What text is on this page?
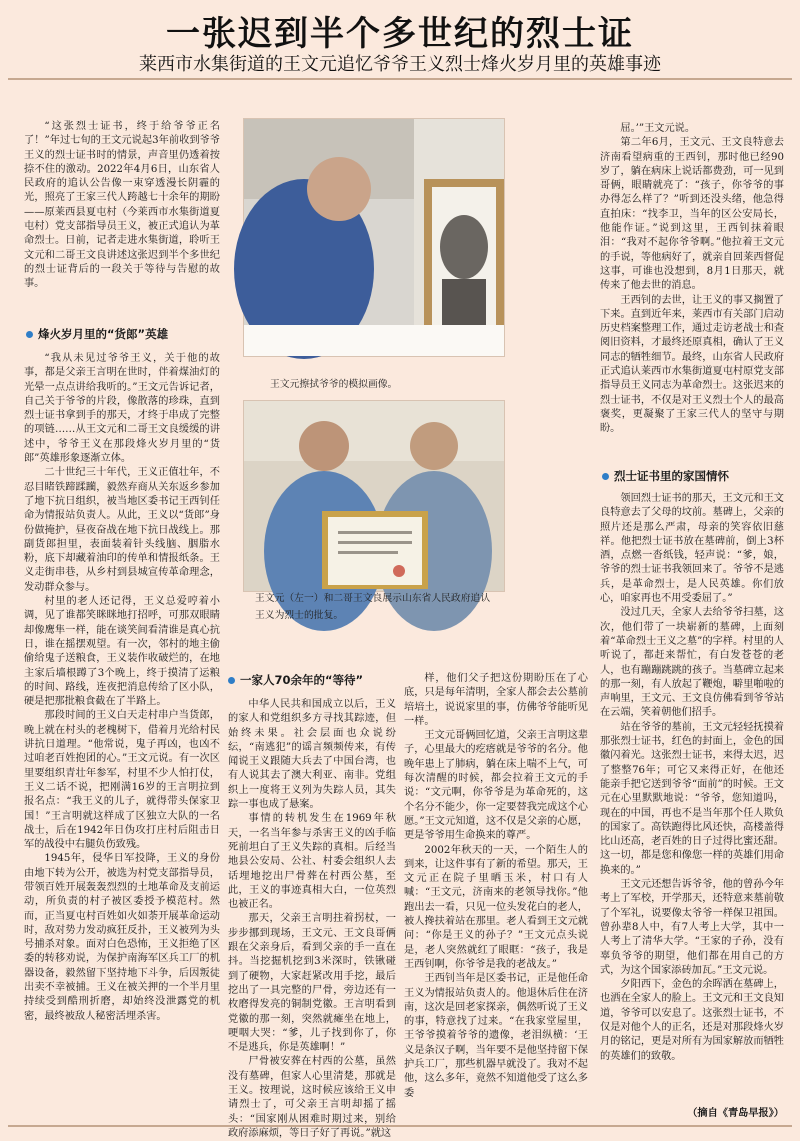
一张迟到半个多世纪的烈士证
莱西市水集街道的王文元追忆爷爷王义烈士烽火岁月里的英雄事迹

“这张烈士证书，终于给爷爷正名了！”年过七旬的王文元说起3年前收到爷爷王义的烈士证书时的情景，声音里仍透着按捺不住的激动。2022年4月6日，山东省人民政府的追认公告像一束穿透漫长阴霾的光，照亮了王家三代人跨越七十余年的期盼——原莱西县夏屯村（今莱西市水集街道夏屯村）党支部指导员王义，被正式追认为革命烈士。日前，记者走进水集街道，聆听王文元和二哥王文良讲述这张迟到半个多世纪的烈士证背后的一段关于等待与告慰的故事。

烽火岁月里的“货郎”英雄

“我从未见过爷爷王义，关于他的故事，都是父亲王言明在世时，伴着煤油灯的光晕一点点讲给我听的。”王文元告诉记者，自己关于爷爷的片段，像散落的珍珠，直到烈士证书拿到手的那天，才终于串成了完整的项链……从王文元和二哥王文良缓缓的讲述中，爷爷王义在那段烽火岁月里的“货郎”英雄形象逐渐立体。

二十世纪三十年代，王义正值壮年，不忍目睹铁蹄蹂躏，毅然弃商从关东返乡参加了地下抗日组织，被当地区委书记王西钊任命为情报站负责人。从此，王义以“货郎”身份做掩护，昼夜奋战在地下抗日战线上。那副货郎担里，表面装着针头线脑、胭脂水粉，底下却藏着油印的传单和情报纸条。王义走街串巷，从乡村到县城宣传革命理念，发动群众参与。

村里的老人还记得，王义总爱哼着小调，见了谁都笑眯眯地打招呼，可那双眼睛却像鹰隼一样，能在谈笑间看清谁是真心抗日，谁在摇摆观望。有一次，邻村的地主偷偷给鬼子送粮食，王义装作收破烂的，在地主家后墙根蹲了3个晚上，终于摸清了运粮的时间、路线，连夜把消息传给了区小队，硬是把那批粮食截在了半路上。

那段时间的王义白天走村串户当货郎，晚上就在村头的老槐树下，借着月光给村民讲抗日道理。“他常说，鬼子再凶，也凶不过咱老百姓抱团的心。”王文元说。有一次区里要组织青壮年参军，村里不少人怕打仗，王义二话不说，把刚满16岁的王言明拉到报名点：“我王义的儿子，就得带头保家卫国！”王言明就这样成了区独立大队的一名战士，后在1942年日伪攻打庄村后阻击日军的战役中右腿负伤致残。

1945年，侵华日军投降，王义的身份由地下转为公开，被选为村党支部指导员，带领百姓开展轰轰烈烈的土地革命及支前运动，所负责的村子被区委授予模范村。然而，正当夏屯村百姓如火如荼开展革命运动时，敌对势力发动疯狂反扑，王义被列为头号捕杀对象。面对白色恐怖，王义拒绝了区委的转移劝说，为保护南海军区兵工厂的机器设备，毅然留下坚持地下斗争，后因叛徒出卖不幸被捕。王义在被关押的一个半月里持续受到酷刑折磨，却始终没泄露党的机密，最终被敌人秘密活埋杀害。

王文元擦拭爷爷的模拟画像。
王文元（左一）和二哥王文良展示山东省人民政府追认王义为烈士的批复。
一家人70余年的“等待”

中华人民共和国成立以后，王义的家人和党组织多方寻找其踪迹，但始终未果。社会层面也众说纷纭，“南逃犯”的谣言频频传来，有传闻说王义跟随大兵去了中国台湾，也有人说其去了澳大利亚、南非。党组织上一度将王义列为失踪人员，其失踪一事也成了悬案。

事情的转机发生在1969年秋天，一名当年参与杀害王义的凶手临死前坦白了王义失踪的真相。后经当地县公安局、公社、村委会组织人去话埋地挖出尸骨葬在村西公墓，至此，王义的事迹真相大白，一位英烈也被正名。

那天，父亲王言明拄着拐杖，一步步挪到现场，王文元、王文良哥俩跟在父亲身后，看到父亲的手一直在抖。当挖掘机挖到3米深时，铁锹碰到了硬物，大家赶紧改用手挖，最后挖出了一具完整的尸骨，旁边还有一枚磨得发亮的铜制党徽。王言明看到党徽的那一刻，突然就瘫坐在地上，哽咽大哭：“爹，儿子找到你了，你不是逃兵，你是英雄啊！”

尸骨被安葬在村西的公墓，虽然没有墓碑，但家人心里清楚，那就是王义。按理说，这时候应该给王义申请烈士了，可父亲王言明却摇了摇头：“国家刚从困难时期过来，别给政府添麻烦，等日子好了再说。”就这

样，他们父子把这份期盼压在了心底，只是每年清明，全家人都会去公墓前培培土，说说家里的事，仿佛爷爷能听见一样。

王文元哥俩回忆道，父亲王言明这辈子，心里最大的疙瘩就是爷爷的名分。他晚年患上了肺病，躺在床上喘不上气，可每次清醒的时候，都会拉着王文元的手说：“文元啊，你爷爷是为革命死的，这个名分不能少，你一定要替我完成这个心愿。”王文元知道，这不仅是父亲的心愿，更是爷爷用生命换来的尊严。

2002年秋天的一天，一个陌生人的到来，让这件事有了新的希望。那天，王文元正在院子里晒玉米，村口有人喊：“王文元，济南来的老领导找你。”他跑出去一看，只见一位头发花白的老人，被人搀扶着站在那里。老人看到王文元就问：“你是王义的孙子？”王文元点头说是，老人突然就红了眼眶：“孩子，我是王西钊啊，你爷爷是我的老战友。”

王西钊当年是区委书记，正是他任命王义为情报站负责人的。他退休后住在济南，这次是回老家探亲，偶然听说了王义的事，特意找了过来。“在我家堂屋里，王爷爷摸着爷爷的遗像，老泪纵横：‘王义是条汉子啊，当年要不是他坚持留下保护兵工厂，那些机器早就没了。我对不起他，这么多年，竟然不知道他受了这么多委

屈。’”王文元说。

第二年6月，王文元、王文良特意去济南看望病重的王西钊，那时他已经90岁了，躺在病床上说话都费劲，可一见到哥俩，眼睛就亮了：“孩子，你爷爷的事办得怎么样了？”听到还没头绪，他急得直拍床：“找李卫，当年的区公安局长，他能作证。”说到这里，王西钊抹着眼泪：“我对不起你爷爷啊。”他拉着王文元的手说，等他病好了，就亲自回莱西督促这事，可谁也没想到，8月1日那天，就传来了他去世的消息。

王西钊的去世，让王义的事又搁置了下来。直到近年来，莱西市有关部门启动历史档案整理工作，通过走访老战士和查阅旧资料，才最终还原真相，确认了王义同志的牺牲细节。最终，山东省人民政府正式追认莱西市水集街道夏屯村原党支部指导员王义同志为革命烈士。这张迟来的烈士证书，不仅是对王义烈士个人的最高褒奖，更凝聚了王家三代人的坚守与期盼。

烈士证书里的家国情怀

领回烈士证书的那天，王文元和王文良特意去了父母的坟前。墓碑上，父亲的照片还是那么严肃，母亲的笑容依旧慈祥。他把烈士证书放在墓碑前，倒上3杯酒，点燃一沓纸钱，轻声说：“爹，娘，爷爷的烈士证书我领回来了。爷爷不是逃兵，是革命烈士，是人民英雄。你们放心，咱家再也不用受委屈了。”

没过几天，全家人去给爷爷扫墓，这次，他们带了一块崭新的墓碑，上面刻着“革命烈士王义之墓”的字样。村里的人听说了，都赶来帮忙，有白发苍苍的老人，也有蹦蹦跳跳的孩子。当墓碑立起来的那一刻，有人放起了鞭炮，噼里啪啦的声响里，王文元、王文良仿佛看到爷爷站在云端，笑着朝他们招手。

站在爷爷的墓前，王文元轻轻抚摸着那张烈士证书，红色的封面上，金色的国徽闪着光。这张烈士证书，来得太迟，迟了整整76年；可它又来得正好，在他还能亲手把它送到爷爷“面前”的时候。王文元在心里默默地说：“爷爷，您知道吗，现在的中国，再也不是当年那个任人欺负的国家了。高铁跑得比风还快，高楼盖得比山还高，老百姓的日子过得比蜜还甜。这一切，都是您和像您一样的英雄们用命换来的。”

王文元还想告诉爷爷，他的曾孙今年考上了军校，开学那天，还特意来墓前敬了个军礼，说要像太爷爷一样保卫祖国。曾孙辈8人中，有7人考上大学，其中一人考上了清华大学。“王家的子孙，没有辜负爷爷的期望，他们都在用自己的方式，为这个国家添砖加瓦。”王文元说。

夕阳西下，金色的余晖洒在墓碑上，也洒在全家人的脸上。王文元和王文良知道，爷爷可以安息了。这张烈士证书，不仅是对他个人的正名，还是对那段烽火岁月的铭记，更是对所有为国家解放而牺牲的英雄们的致敬。

（摘自《青岛早报》）
